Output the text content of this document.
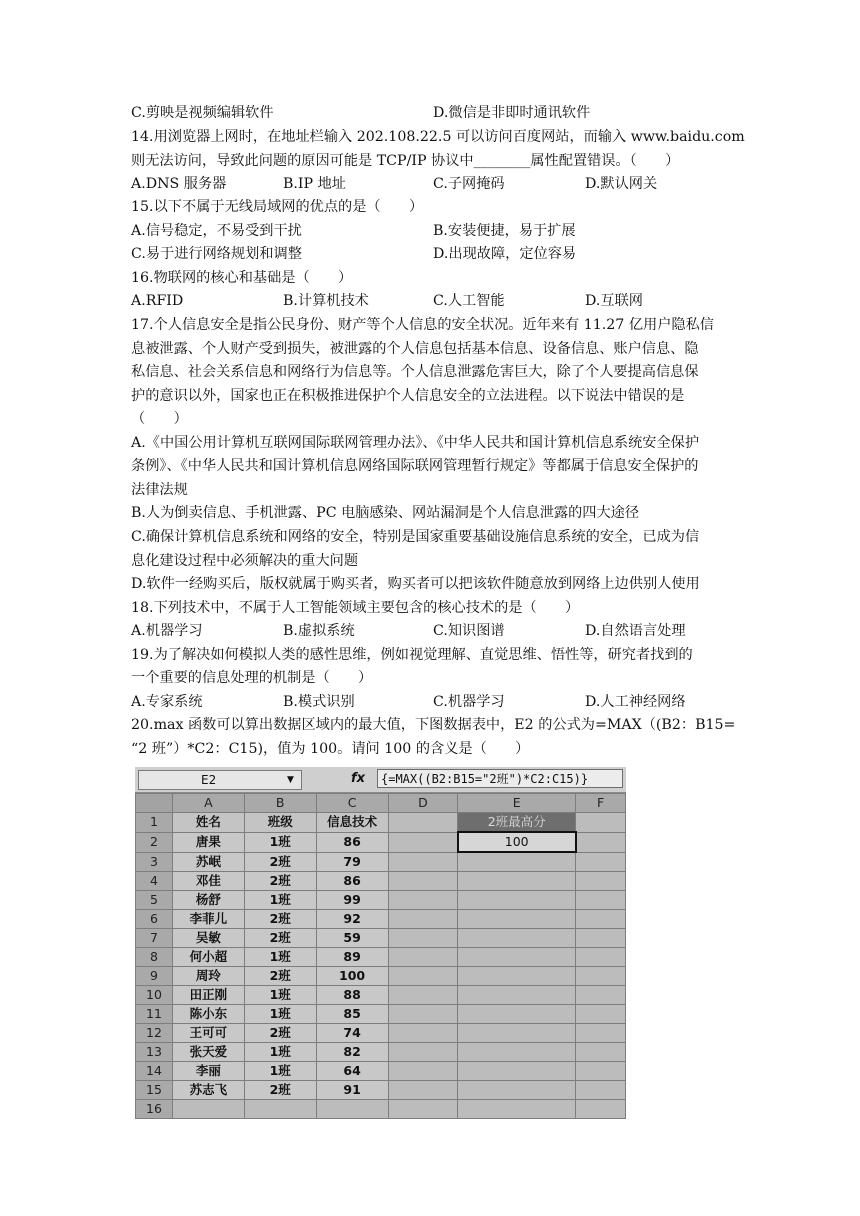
C.剪映是视频编辑软件	D.微信是非即时通讯软件
14.用浏览器上网时，在地址栏输入 202.108.22.5 可以访问百度网站，而输入 www.baidu.com
则无法访问，导致此问题的原因可能是 TCP/IP 协议中________属性配置错误。（　　）
A.DNS 服务器	B.IP 地址	C.子网掩码	D.默认网关
15.以下不属于无线局域网的优点的是（　　）
A.信号稳定，不易受到干扰	B.安装便捷，易于扩展
C.易于进行网络规划和调整	D.出现故障，定位容易
16.物联网的核心和基础是（　　）
A.RFID	B.计算机技术	C.人工智能	D.互联网
17.个人信息安全是指公民身份、财产等个人信息的安全状况。近年来有 11.27 亿用户隐私信
息被泄露、个人财产受到损失，被泄露的个人信息包括基本信息、设备信息、账户信息、隐
私信息、社会关系信息和网络行为信息等。个人信息泄露危害巨大，除了个人要提高信息保
护的意识以外，国家也正在积极推进保护个人信息安全的立法进程。以下说法中错误的是
（　　）
A.《中国公用计算机互联网国际联网管理办法》、《中华人民共和国计算机信息系统安全保护
条例》、《中华人民共和国计算机信息网络国际联网管理暂行规定》等都属于信息安全保护的
法律法规
B.人为倒卖信息、手机泄露、PC 电脑感染、网站漏洞是个人信息泄露的四大途径
C.确保计算机信息系统和网络的安全，特别是国家重要基础设施信息系统的安全，已成为信
息化建设过程中必须解决的重大问题
D.软件一经购买后，版权就属于购买者，购买者可以把该软件随意放到网络上边供别人使用
18.下列技术中，不属于人工智能领域主要包含的核心技术的是（　　）
A.机器学习	B.虚拟系统	C.知识图谱	D.自然语言处理
19.为了解决如何模拟人类的感性思维，例如视觉理解、直觉思维、悟性等，研究者找到的
一个重要的信息处理的机制是（　　）
A.专家系统	B.模式识别	C.机器学习	D.人工神经网络
20.max 函数可以算出数据区域内的最大值，下图数据表中，E2 的公式为=MAX（(B2：B15=
“2 班”）*C2：C15)，值为 100。请问 100 的含义是（　　）
E2	▼	fx	{=MAX((B2:B15="2班")*C2:C15)}
	A	B	C	D	E	F
1	姓名	班级	信息技术		2班最高分	
2	唐果	1班	86		100	
3	苏岷	2班	79			
4	邓佳	2班	86			
5	杨舒	1班	99			
6	李菲儿	2班	92			
7	吴敏	2班	59			
8	何小超	1班	89			
9	周玲	2班	100			
10	田正刚	1班	88			
11	陈小东	1班	85			
12	王可可	2班	74			
13	张天爱	1班	82			
14	李丽	1班	64			
15	苏志飞	2班	91			
16						
